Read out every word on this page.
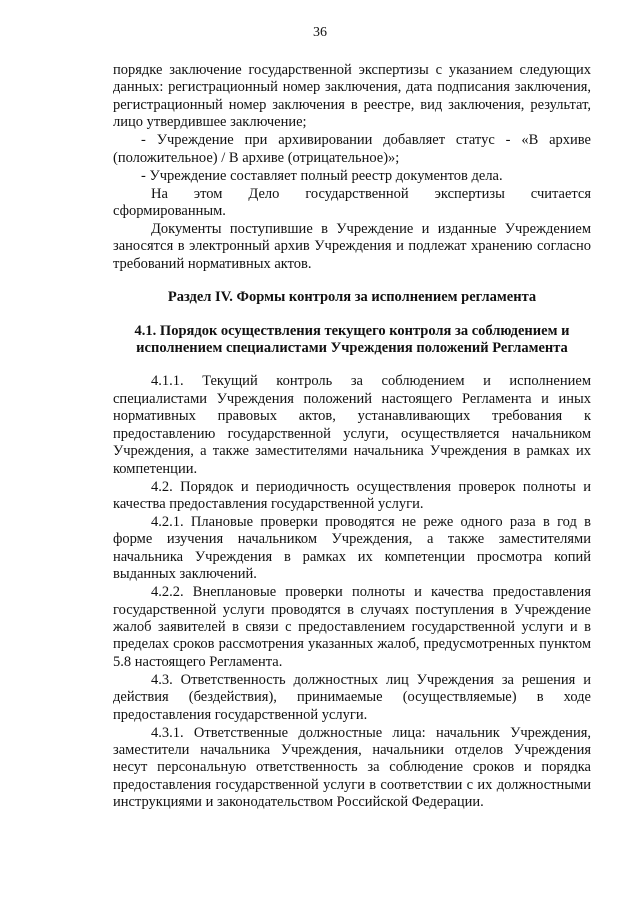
36

порядке заключение государственной экспертизы с указанием следующих данных: регистрационный номер заключения, дата подписания заключения, регистрационный номер заключения в реестре, вид заключения, результат, лицо утвердившее заключение;

- Учреждение при архивировании добавляет статус - «В архиве (положительное) / В архиве (отрицательное)»;

- Учреждение составляет полный реестр документов дела.

На этом Дело государственной экспертизы считается сформированным.

Документы поступившие в Учреждение и изданные Учреждением заносятся в электронный архив Учреждения и подлежат хранению согласно требований нормативных актов.

Раздел IV. Формы контроля за исполнением регламента

4.1. Порядок осуществления текущего контроля за соблюдением и исполнением специалистами Учреждения положений Регламента

4.1.1. Текущий контроль за соблюдением и исполнением специалистами Учреждения положений настоящего Регламента и иных нормативных правовых актов, устанавливающих требования к предоставлению государственной услуги, осуществляется начальником Учреждения, а также заместителями начальника Учреждения в рамках их компетенции.

4.2. Порядок и периодичность осуществления проверок полноты и качества предоставления государственной услуги.

4.2.1. Плановые проверки проводятся не реже одного раза в год в форме изучения начальником Учреждения, а также заместителями начальника Учреждения в рамках их компетенции просмотра копий выданных заключений.

4.2.2. Внеплановые проверки полноты и качества предоставления государственной услуги проводятся в случаях поступления в Учреждение жалоб заявителей в связи с предоставлением государственной услуги и в пределах сроков рассмотрения указанных жалоб, предусмотренных пунктом 5.8 настоящего Регламента.

4.3. Ответственность должностных лиц Учреждения за решения и действия (бездействия), принимаемые (осуществляемые) в ходе предоставления государственной услуги.

4.3.1. Ответственные должностные лица: начальник Учреждения, заместители начальника Учреждения, начальники отделов Учреждения несут персональную ответственность за соблюдение сроков и порядка предоставления государственной услуги в соответствии с их должностными инструкциями и законодательством Российской Федерации.
